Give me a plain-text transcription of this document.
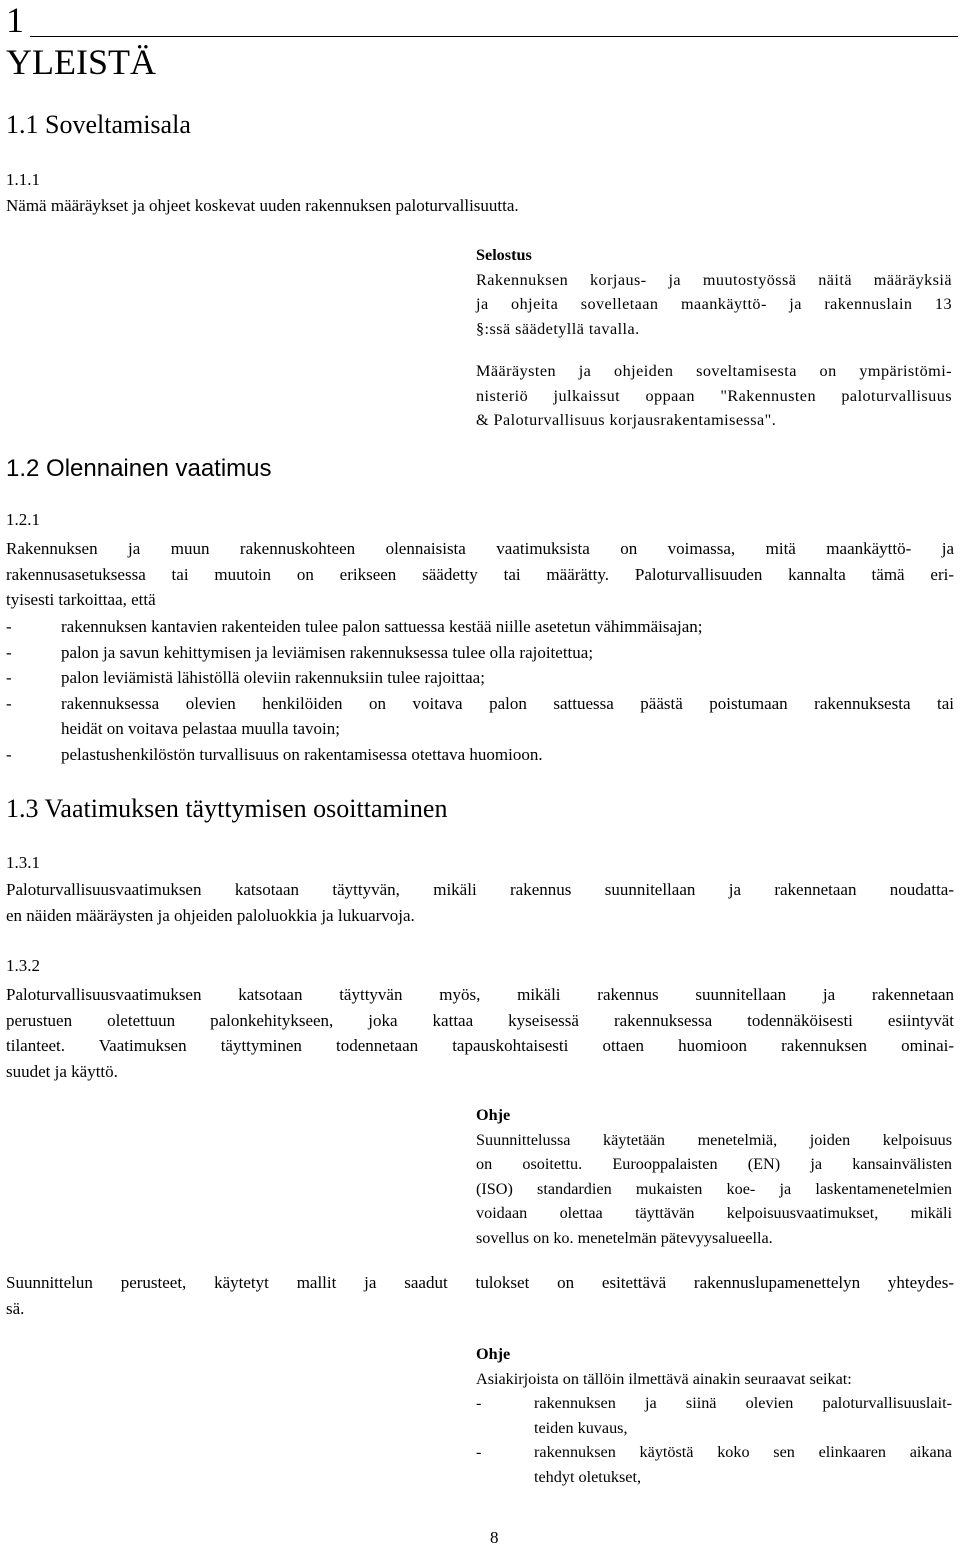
1
YLEISTÄ
1.1 Soveltamisala
1.1.1
Nämä määräykset ja ohjeet koskevat uuden rakennuksen paloturvallisuutta.
Selostus
Rakennuksen korjaus- ja muutostyössä näitä määräyksiä
ja ohjeita sovelletaan maankäyttö- ja rakennuslain 13
§:ssä säädetyllä tavalla.
Määräysten ja ohjeiden soveltamisesta on ympäristömi-
nisteriö julkaissut oppaan "Rakennusten paloturvallisuus
& Paloturvallisuus korjausrakentamisessa".
1.2 Olennainen vaatimus
1.2.1
Rakennuksen ja muun rakennuskohteen olennaisista vaatimuksista on voimassa, mitä maankäyttö- ja
rakennusasetuksessa tai muutoin on erikseen säädetty tai määrätty. Paloturvallisuuden kannalta tämä eri-
tyisesti tarkoittaa, että
-	rakennuksen kantavien rakenteiden tulee palon sattuessa kestää niille asetetun vähimmäisajan;
-	palon ja savun kehittymisen ja leviämisen rakennuksessa tulee olla rajoitettua;
-	palon leviämistä lähistöllä oleviin rakennuksiin tulee rajoittaa;
-	rakennuksessa olevien henkilöiden on voitava palon sattuessa päästä poistumaan rakennuksesta tai
heidät on voitava pelastaa muulla tavoin;
-	pelastushenkilöstön turvallisuus on rakentamisessa otettava huomioon.
1.3 Vaatimuksen täyttymisen osoittaminen
1.3.1
Paloturvallisuusvaatimuksen katsotaan täyttyvän, mikäli rakennus suunnitellaan ja rakennetaan noudatta-
en näiden määräysten ja ohjeiden paloluokkia ja lukuarvoja.
1.3.2
Paloturvallisuusvaatimuksen katsotaan täyttyvän myös, mikäli rakennus suunnitellaan ja rakennetaan
perustuen oletettuun palonkehitykseen, joka kattaa kyseisessä rakennuksessa todennäköisesti esiintyvät
tilanteet. Vaatimuksen täyttyminen todennetaan tapauskohtaisesti ottaen huomioon rakennuksen ominai-
suudet ja käyttö.
Ohje
Suunnittelussa käytetään menetelmiä, joiden kelpoisuus
on osoitettu. Eurooppalaisten (EN) ja kansainvälisten
(ISO) standardien mukaisten koe- ja laskentamenetelmien
voidaan olettaa täyttävän kelpoisuusvaatimukset, mikäli
sovellus on ko. menetelmän pätevyysalueella.
Suunnittelun perusteet, käytetyt mallit ja saadut tulokset on esitettävä rakennuslupamenettelyn yhteydes-
sä.
Ohje
Asiakirjoista on tällöin ilmettävä ainakin seuraavat seikat:
-	rakennuksen ja siinä olevien paloturvallisuuslait-
teiden kuvaus,
-	rakennuksen käytöstä koko sen elinkaaren aikana
tehdyt oletukset,
8
